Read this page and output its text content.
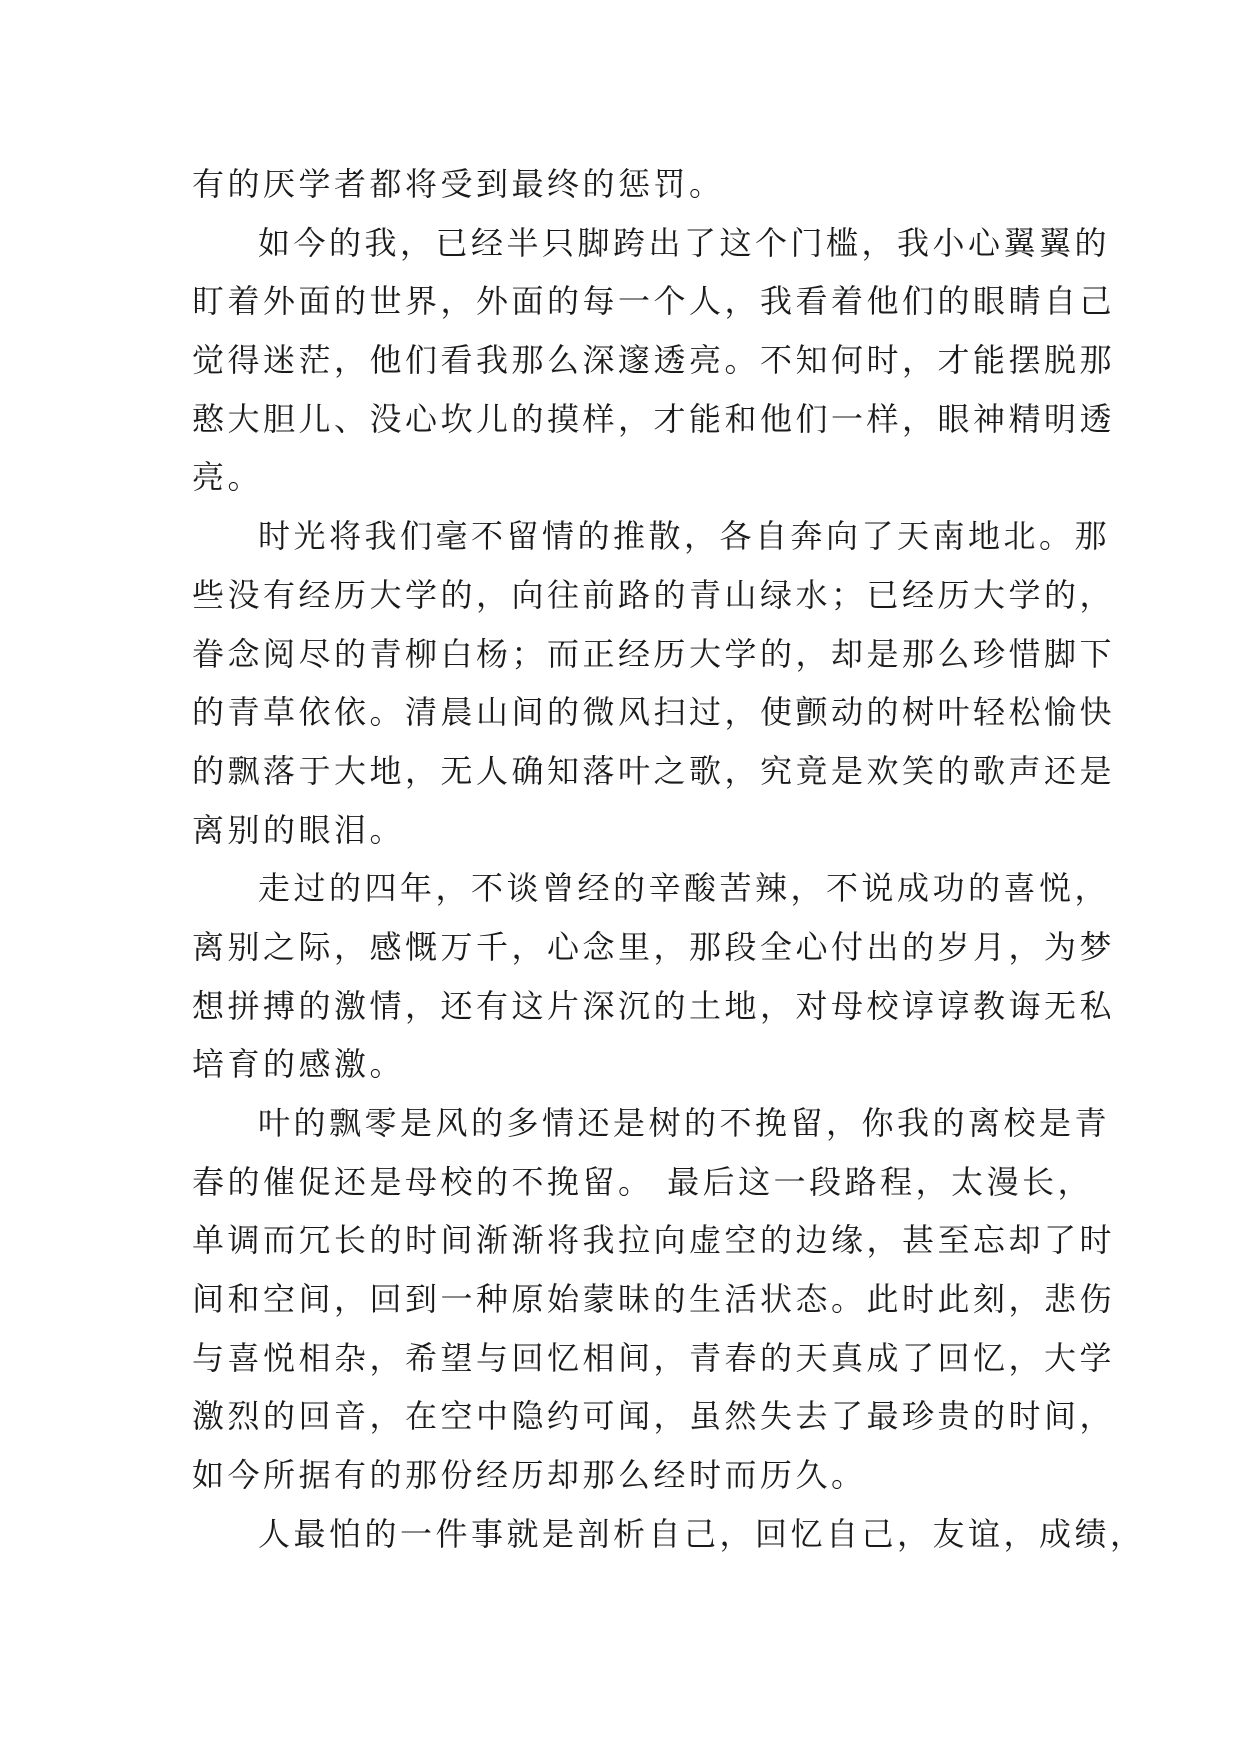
有的厌学者都将受到最终的惩罚。
如今的我，已经半只脚跨出了这个门槛，我小心翼翼的
盯着外面的世界，外面的每一个人，我看着他们的眼睛自己
觉得迷茫，他们看我那么深邃透亮。不知何时，才能摆脱那
憨大胆儿、没心坎儿的摸样，才能和他们一样，眼神精明透
亮。
时光将我们毫不留情的推散，各自奔向了天南地北。那
些没有经历大学的，向往前路的青山绿水；已经历大学的，
眷念阅尽的青柳白杨；而正经历大学的，却是那么珍惜脚下
的青草依依。清晨山间的微风扫过，使颤动的树叶轻松愉快
的飘落于大地，无人确知落叶之歌，究竟是欢笑的歌声还是
离别的眼泪。
走过的四年，不谈曾经的辛酸苦辣，不说成功的喜悦，
离别之际，感慨万千，心念里，那段全心付出的岁月，为梦
想拼搏的激情，还有这片深沉的土地，对母校谆谆教诲无私
培育的感激。
叶的飘零是风的多情还是树的不挽留，你我的离校是青
春的催促还是母校的不挽留。 最后这一段路程，太漫长，
单调而冗长的时间渐渐将我拉向虚空的边缘，甚至忘却了时
间和空间，回到一种原始蒙昧的生活状态。此时此刻，悲伤
与喜悦相杂，希望与回忆相间，青春的天真成了回忆，大学
激烈的回音，在空中隐约可闻，虽然失去了最珍贵的时间，
如今所据有的那份经历却那么经时而历久。
人最怕的一件事就是剖析自己，回忆自己，友谊，成绩，
